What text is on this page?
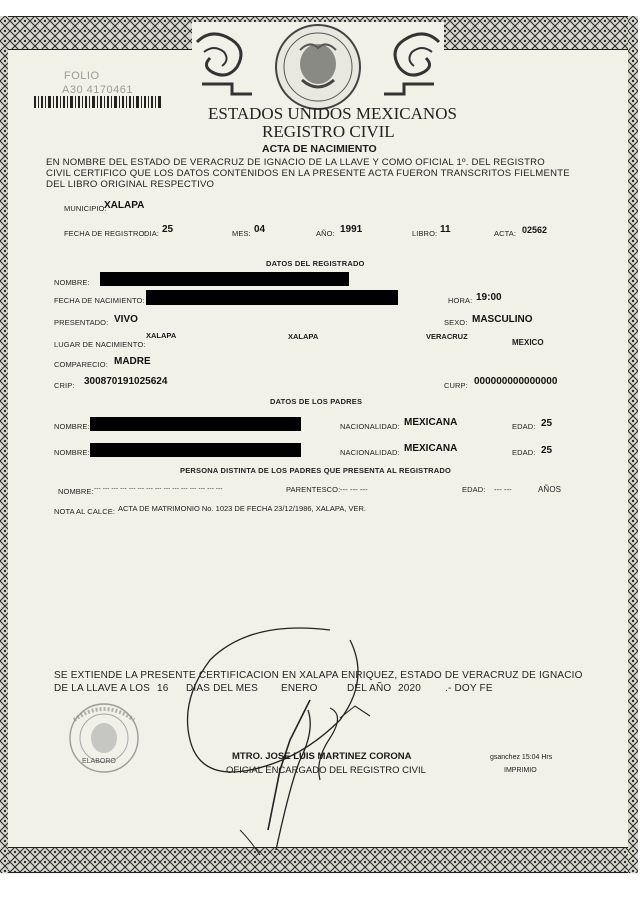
FOLIO
A30 4170461
ESTADOS UNIDOS MEXICANOS
REGISTRO CIVIL
ACTA DE NACIMIENTO
EN NOMBRE DEL ESTADO DE VERACRUZ DE IGNACIO DE LA LLAVE Y COMO OFICIAL 1º. DEL REGISTRO
CIVIL CERTIFICO QUE LOS DATOS CONTENIDOS EN LA PRESENTE ACTA FUERON TRANSCRITOS FIELMENTE
DEL LIBRO ORIGINAL RESPECTIVO
MUNICIPIO:
XALAPA
FECHA DE REGISTRO:
DIA: 25	MES: 04	AÑO: 1991	LIBRO: 11	ACTA: 02562
DATOS DEL REGISTRADO
NOMBRE:
FECHA DE NACIMIENTO:	HORA: 19:00
PRESENTADO: VIVO	SEXO: MASCULINO
LUGAR DE NACIMIENTO:
XALAPA	XALAPA	VERACRUZ
MEXICO
COMPARECIO: MADRE
CRIP: 300870191025624	CURP: 000000000000000
DATOS DE LOS PADRES
NOMBRE:	NACIONALIDAD: MEXICANA	EDAD: 25
NOMBRE:	NACIONALIDAD: MEXICANA	EDAD: 25
PERSONA DISTINTA DE LOS PADRES QUE PRESENTA AL REGISTRADO
NOMBRE: --- --- --- --- --- --- --- --- --- --- --- --- --- --- ---	PARENTESCO: --- --- ---	EDAD: --- ---	AÑOS
NOTA AL CALCE: ACTA DE MATRIMONIO No. 1023 DE FECHA 23/12/1986, XALAPA, VER.
SE EXTIENDE LA PRESENTE CERTIFICACION EN XALAPA ENRIQUEZ, ESTADO DE VERACRUZ DE IGNACIO
DE LA LLAVE A LOS 16 DIAS DEL MES ENERO	DEL AÑO 2020 .- DOY FE
ELABORO	MTRO. JOSE LUIS MARTINEZ CORONA
OFICIAL ENCARGADO DEL REGISTRO CIVIL
gsanchez 15:04 Hrs
IMPRIMIO
